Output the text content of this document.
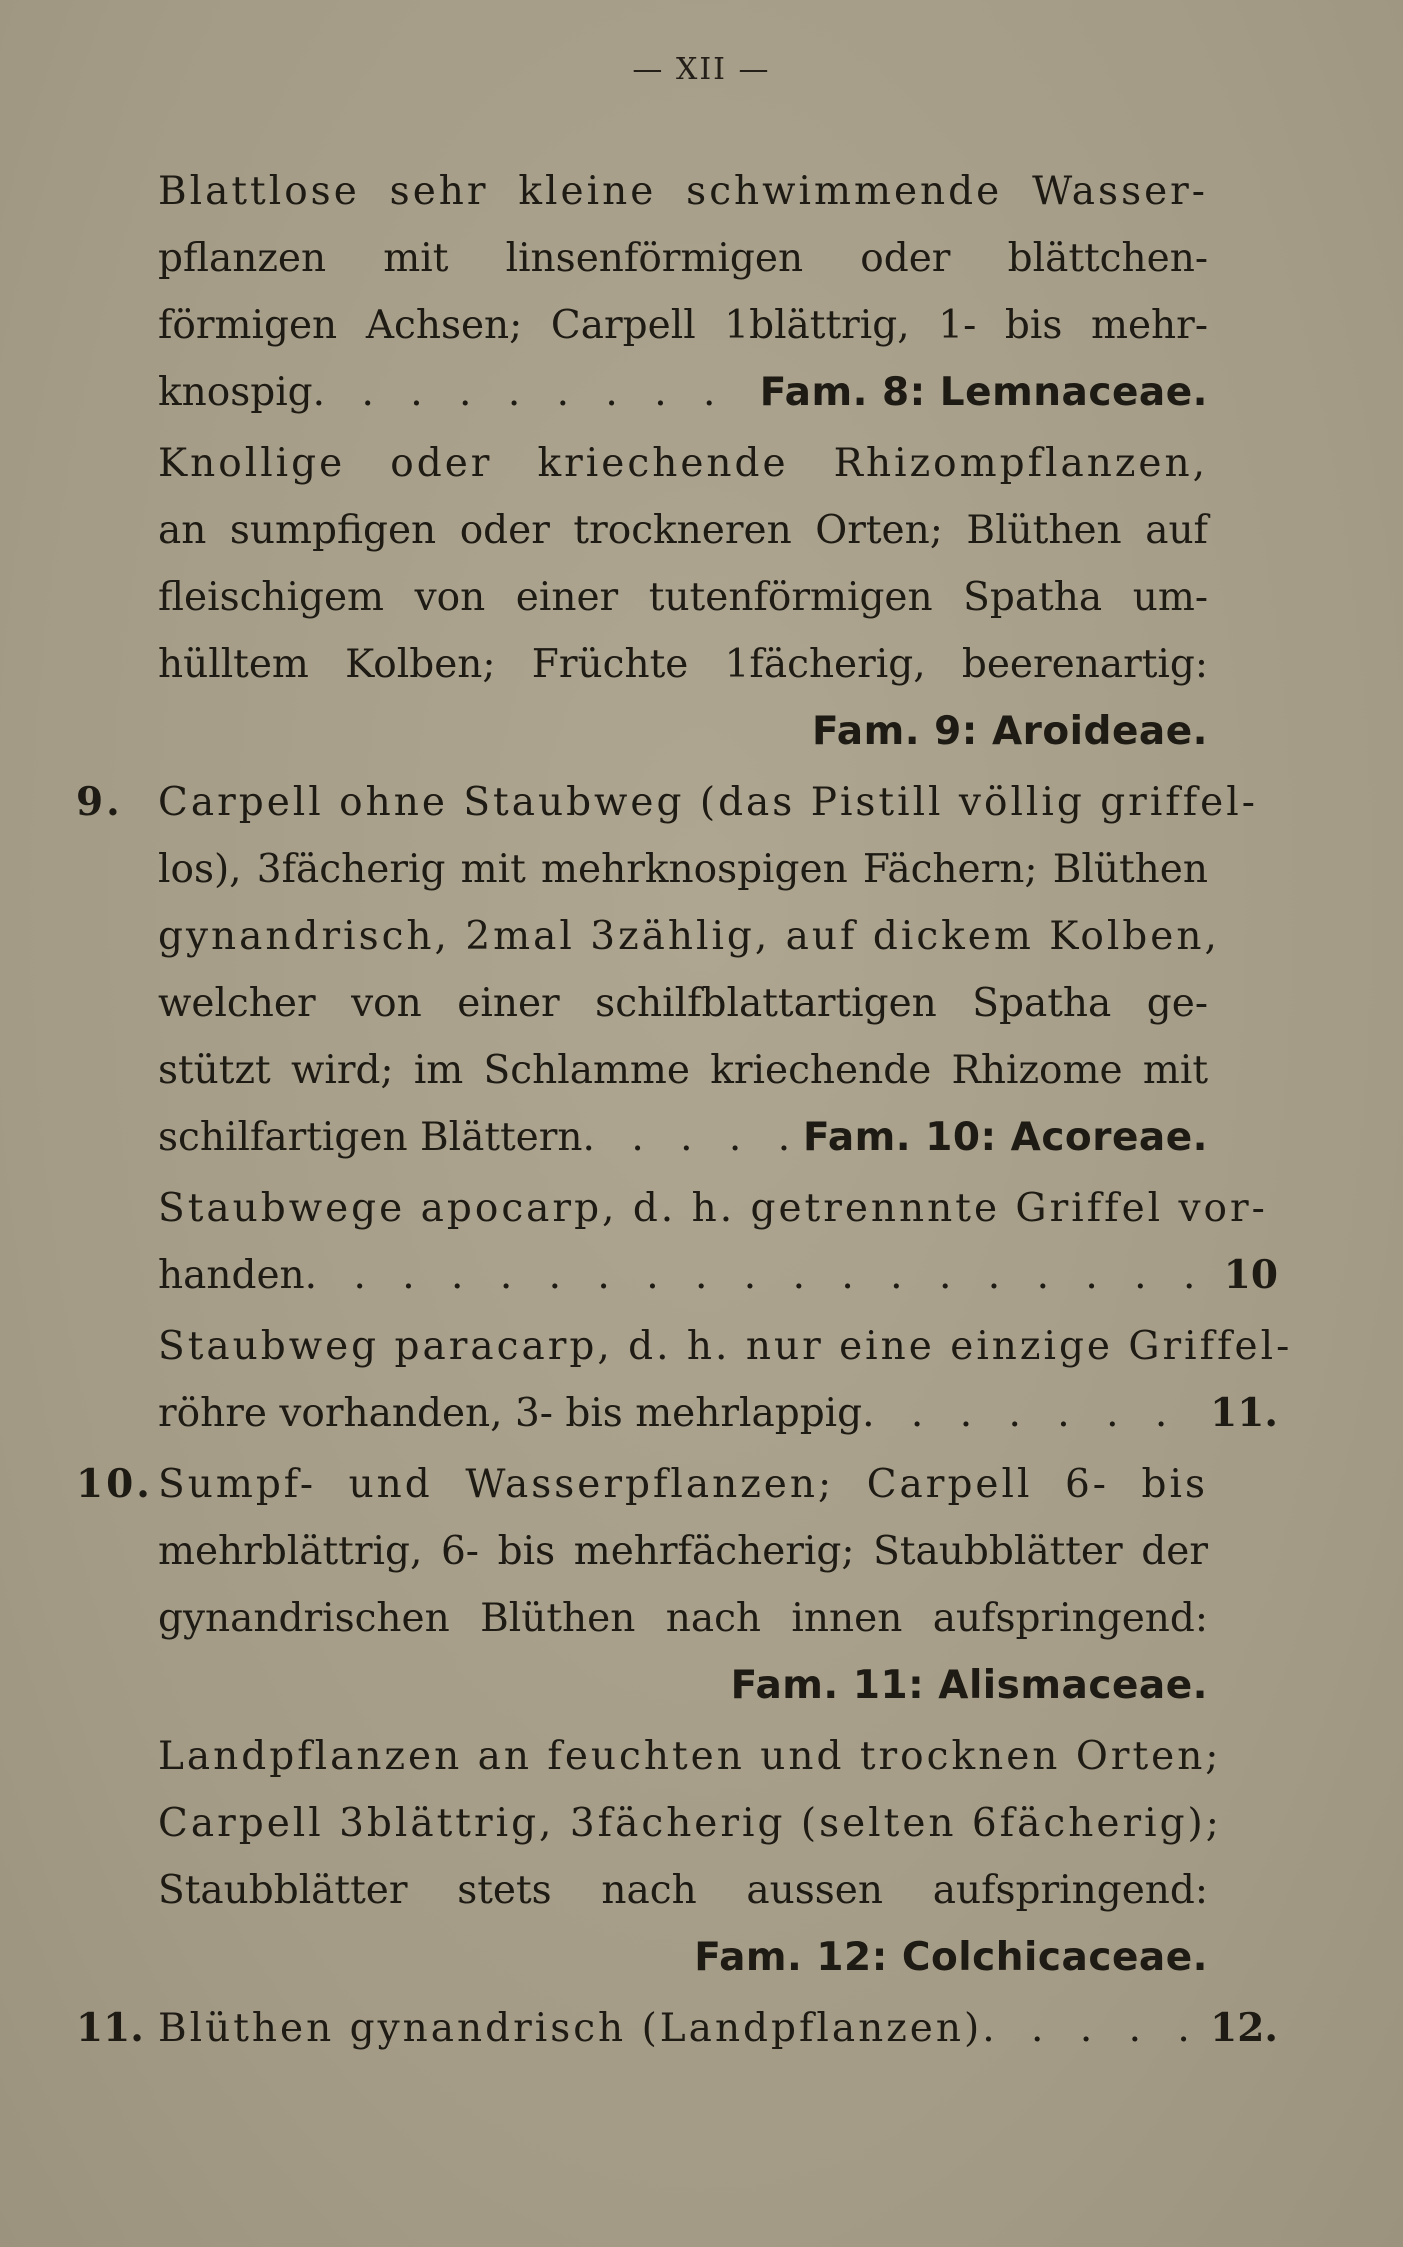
— XII —
Blattlose sehr kleine schwimmende Wasser-
pflanzen mit linsenförmigen oder blättchen-
förmigen Achsen; Carpell 1blättrig, 1- bis mehr-
knospig . . .	Fam. 8: Lemnaceae.
Knollige oder kriechende Rhizompflanzen,
an sumpfigen oder trockneren Orten; Blüthen auf
fleischigem von einer tutenförmigen Spatha um-
hülltem Kolben; Früchte 1fächerig, beerenartig:
Fam. 9: Aroideae.
9. Carpell ohne Staubweg (das Pistill völlig griffel-
los), 3fächerig mit mehrknospigen Fächern; Blüthen
gynandrisch, 2mal 3zählig, auf dickem Kolben,
welcher von einer schilfblattartigen Spatha ge-
stützt wird; im Schlamme kriechende Rhizome mit
schilfartigen Blättern . . .	Fam. 10: Acoreae.
Staubwege apocarp, d. h. getrennnte Griffel vor-
handen . . .	10
Staubweg paracarp, d. h. nur eine einzige Griffel-
röhre vorhanden, 3- bis mehrlappig . . .	11.
10. Sumpf- und Wasserpflanzen; Carpell 6- bis
mehrblättrig, 6- bis mehrfächerig; Staubblätter der
gynandrischen Blüthen nach innen aufspringend:
Fam. 11: Alismaceae.
Landpflanzen an feuchten und trocknen Orten;
Carpell 3blättrig, 3fächerig (selten 6fächerig);
Staubblätter stets nach aussen aufspringend:
Fam. 12: Colchicaceae.
11. Blüthen gynandrisch (Landpflanzen) . . .	12.
